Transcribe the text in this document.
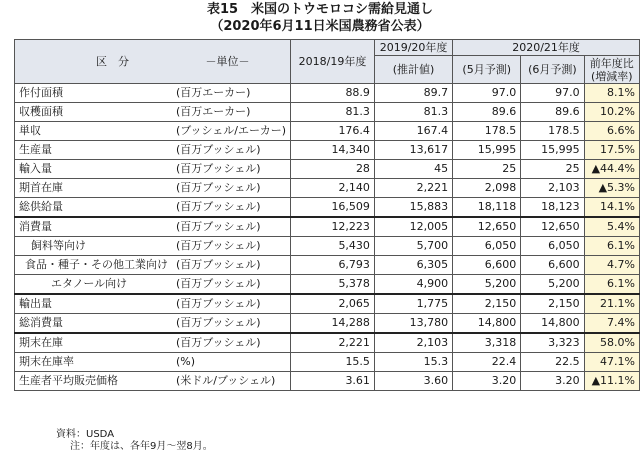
表15　米国のトウモロコシ需給見通し
（2020年6月11日米国農務省公表）
区　分 －単位－		2018/19年度	2019/20年度	2020/21年度		
			(推計値)	(5月予測)	(6月予測)	前年度比
(増減率)

作付面積	(百万エーカー)	88.9	89.7	97.0	97.0	8.1%
収穫面積	(百万エーカー)	81.3	81.3	89.6	89.6	10.2%
単収	(ブッシェル/エーカー)	176.4	167.4	178.5	178.5	6.6%
生産量	(百万ブッシェル)	14,340	13,617	15,995	15,995	17.5%
輸入量	(百万ブッシェル)	28	45	25	25	▲44.4%
期首在庫	(百万ブッシェル)	2,140	2,221	2,098	2,103	▲5.3%
総供給量	(百万ブッシェル)	16,509	15,883	18,118	18,123	14.1%
消費量	(百万ブッシェル)	12,223	12,005	12,650	12,650	5.4%
飼料等向け	(百万ブッシェル)	5,430	5,700	6,050	6,050	6.1%
食品・種子・その他工業向け	(百万ブッシェル)	6,793	6,305	6,600	6,600	4.7%
エタノール向け	(百万ブッシェル)	5,378	4,900	5,200	5,200	6.1%
輸出量	(百万ブッシェル)	2,065	1,775	2,150	2,150	21.1%
総消費量	(百万ブッシェル)	14,288	13,780	14,800	14,800	7.4%
期末在庫	(百万ブッシェル)	2,221	2,103	3,318	3,323	58.0%
期末在庫率	(%)	15.5	15.3	22.4	22.5	47.1%
生産者平均販売価格	(米ドル/ブッシェル)	3.61	3.60	3.20	3.20	▲11.1%
資料：USDA
注：年度は、各年9月～翌8月。
